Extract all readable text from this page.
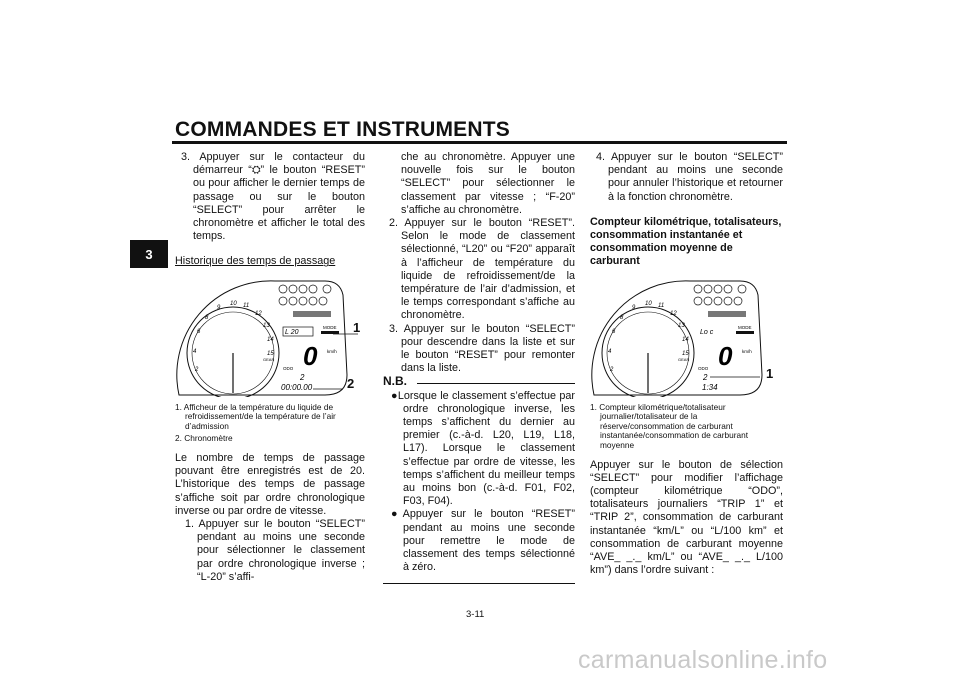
COMMANDES ET INSTRUMENTS
3

3. Appuyer sur le contacteur du démarreur “⛭” le bouton “RESET” ou pour afficher le dernier temps de passage ou sur le bouton “SELECT” pour arrêter le chronomètre et afficher le total des temps.

Historique des temps de passage

2
4
6
8
9
10 11
12
13
14
15
L 20
MODE
0 km/h
ODO
2
00:00.00
GEAR
1
2

1. Afficheur de la température du liquide de refroidissement/de la température de l’air d’admission

2. Chronomètre

Le nombre de temps de passage pouvant être enregistrés est de 20. L’historique des temps de passage s’affiche soit par ordre chronologique inverse ou par ordre de vitesse.

1. Appuyer sur le bouton “SELECT” pendant au moins une seconde pour sélectionner le classement par ordre chronologique inverse ; “L-20” s’affi-

che au chronomètre. Appuyer une nouvelle fois sur le bouton “SELECT” pour sélectionner le classement par vitesse ; “F-20” s’affiche au chronomètre.

2. Appuyer sur le bouton “RESET”. Selon le mode de classement sélectionné, “L20” ou “F20” apparaît à l’afficheur de température du liquide de refroidissement/de la température de l’air d’admission, et le temps correspondant s’affiche au chronomètre.

3. Appuyer sur le bouton “SELECT” pour descendre dans la liste et sur le bouton “RESET” pour remonter dans la liste.

N.B.

●Lorsque le classement s’effectue par ordre chronologique inverse, les temps s’affichent du dernier au premier (c.-à-d. L20, L19, L18, L17). Lorsque le classement s’effectue par ordre de vitesse, les temps s’affichent du meilleur temps au moins bon (c.-à-d. F01, F02, F03, F04).

●Appuyer sur le bouton “RESET” pendant au moins une seconde pour remettre le mode de classement des temps sélectionné à zéro.

4. Appuyer sur le bouton “SELECT” pendant au moins une seconde pour annuler l’historique et retourner à la fonction chronomètre.

Compteur kilométrique, totalisateurs, consommation instantanée et consommation moyenne de carburant

2
4
6
8
9
10 11
12
13
14
15
Lo c
MODE
0 km/h
ODO
2
1:34
GEAR
1

1. Compteur kilométrique/totalisateur journalier/totalisateur de la réserve/consommation de carburant instantanée/consommation de carburant moyenne

Appuyer sur le bouton de sélection “SELECT” pour modifier l’affichage (compteur kilométrique “ODO”, totalisateurs journaliers “TRIP 1” et “TRIP 2”, consommation de carburant instantanée “km/L” ou “L/100 km” et consommation de carburant moyenne “AVE_ _._ km/L” ou “AVE_ _._ L/100 km”) dans l’ordre suivant :

3-11
carmanualsonline.info
